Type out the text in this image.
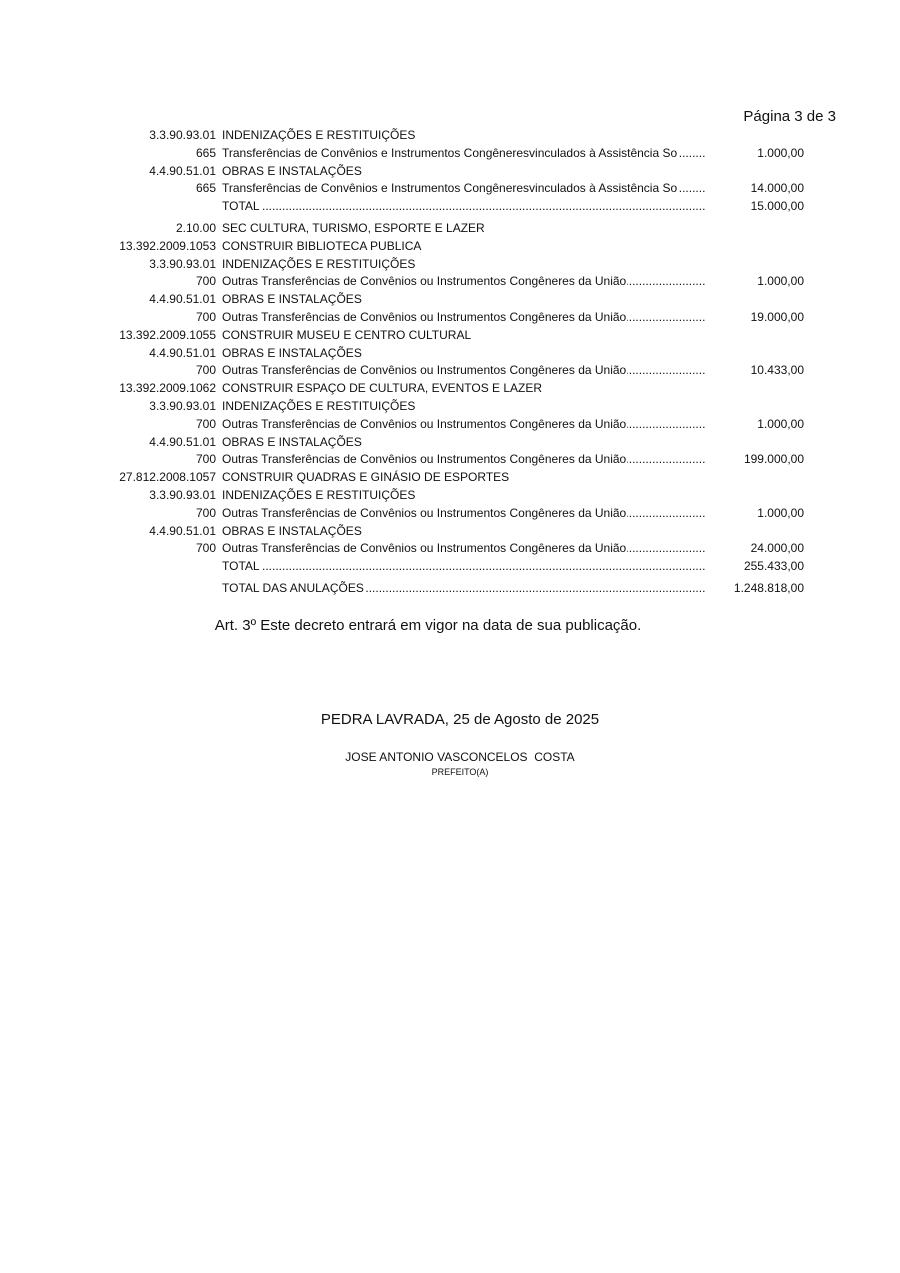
Página 3 de 3
3.3.90.93.01 INDENIZAÇÕES E RESTITUIÇÕES
665 Transferências de Convênios e Instrumentos Congêneresvinculados à Assistência So .....	1.000,00
4.4.90.51.01 OBRAS E INSTALAÇÕES
665 Transferências de Convênios e Instrumentos Congêneresvinculados à Assistência So .....	14.000,00
TOTAL .....	15.000,00
2.10.00 SEC CULTURA, TURISMO, ESPORTE E LAZER
13.392.2009.1053 CONSTRUIR BIBLIOTECA PUBLICA
3.3.90.93.01 INDENIZAÇÕES E RESTITUIÇÕES
700 Outras Transferências de Convênios ou Instrumentos Congêneres da União .....	1.000,00
4.4.90.51.01 OBRAS E INSTALAÇÕES
700 Outras Transferências de Convênios ou Instrumentos Congêneres da União .....	19.000,00
13.392.2009.1055 CONSTRUIR MUSEU E CENTRO CULTURAL
4.4.90.51.01 OBRAS E INSTALAÇÕES
700 Outras Transferências de Convênios ou Instrumentos Congêneres da União .....	10.433,00
13.392.2009.1062 CONSTRUIR ESPAÇO DE CULTURA, EVENTOS E LAZER
3.3.90.93.01 INDENIZAÇÕES E RESTITUIÇÕES
700 Outras Transferências de Convênios ou Instrumentos Congêneres da União .....	1.000,00
4.4.90.51.01 OBRAS E INSTALAÇÕES
700 Outras Transferências de Convênios ou Instrumentos Congêneres da União .....	199.000,00
27.812.2008.1057 CONSTRUIR QUADRAS E GINÁSIO DE ESPORTES
3.3.90.93.01 INDENIZAÇÕES E RESTITUIÇÕES
700 Outras Transferências de Convênios ou Instrumentos Congêneres da União .....	1.000,00
4.4.90.51.01 OBRAS E INSTALAÇÕES
700 Outras Transferências de Convênios ou Instrumentos Congêneres da União .....	24.000,00
TOTAL .....	255.433,00
TOTAL DAS ANULAÇÕES .....	1.248.818,00
Art. 3º Este decreto entrará em vigor na data de sua publicação.
PEDRA LAVRADA, 25 de Agosto de 2025
JOSE ANTONIO VASCONCELOS  COSTA
PREFEITO(A)
